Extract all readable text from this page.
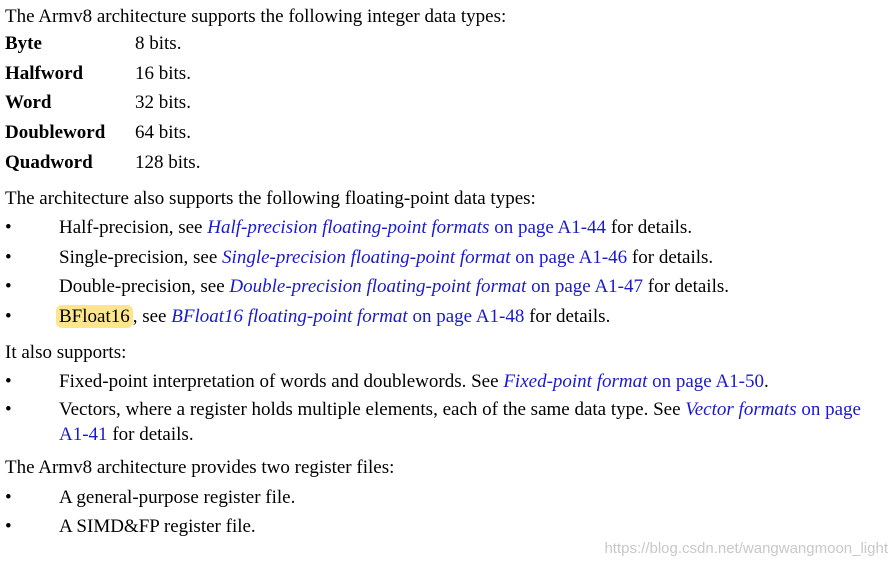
The Armv8 architecture supports the following integer data types:

Byte	8 bits.
Halfword	16 bits.
Word	32 bits.
Doubleword	64 bits.
Quadword	128 bits.

The architecture also supports the following floating-point data types:

• Half-precision, see Half-precision floating-point formats on page A1-44 for details.
• Single-precision, see Single-precision floating-point format on page A1-46 for details.
• Double-precision, see Double-precision floating-point format on page A1-47 for details.
• BFloat16 , see BFloat16 floating-point format on page A1-48 for details.

It also supports:

• Fixed-point interpretation of words and doublewords. See Fixed-point format on page A1-50.
• Vectors, where a register holds multiple elements, each of the same data type. See Vector formats on page A1-41 for details.

The Armv8 architecture provides two register files:

• A general-purpose register file.
• A SIMD&FP register file.
https://blog.csdn.net/wangwangmoon_light
